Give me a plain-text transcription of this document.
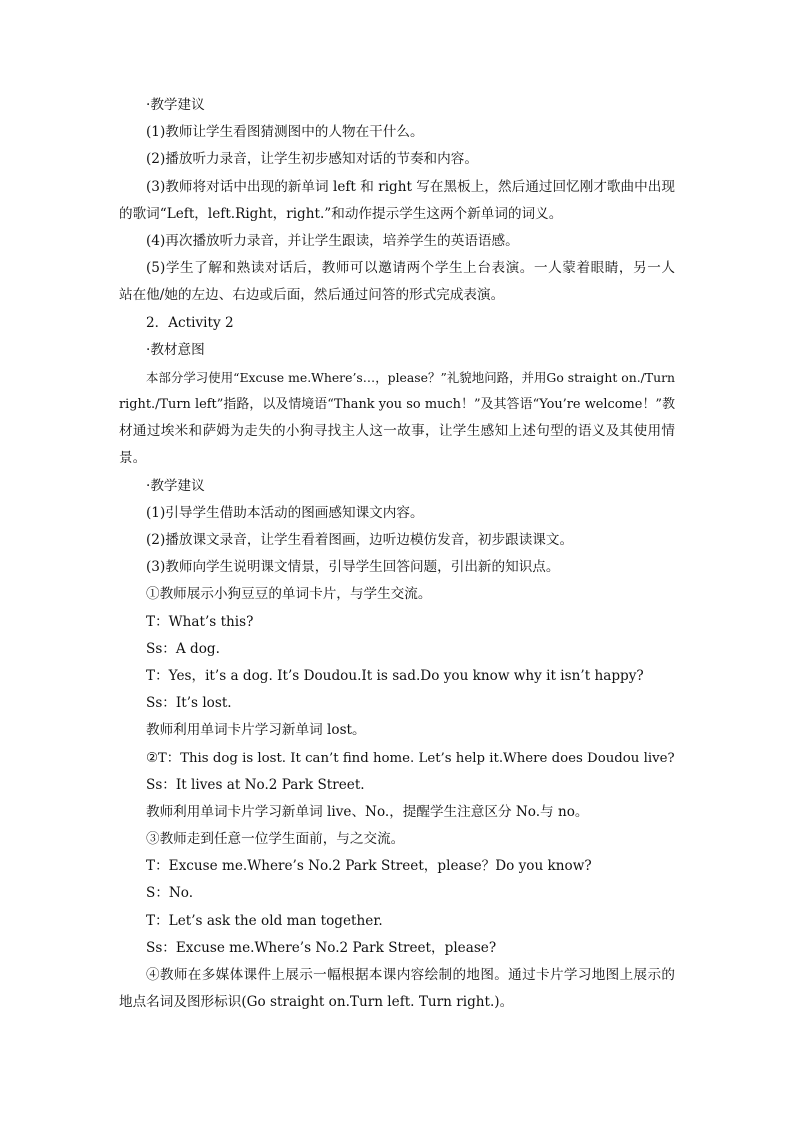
·教学建议

(1)教师让学生看图猜测图中的人物在干什么。

(2)播放听力录音，让学生初步感知对话的节奏和内容。

(3)教师将对话中出现的新单词 left 和 right 写在黑板上，然后通过回忆刚才歌曲中出现

的歌词“Left，left.Right，right.”和动作提示学生这两个新单词的词义。

(4)再次播放听力录音，并让学生跟读，培养学生的英语语感。

(5)学生了解和熟读对话后，教师可以邀请两个学生上台表演。一人蒙着眼睛，另一人

站在他/她的左边、右边或后面，然后通过问答的形式完成表演。

2．Activity 2

·教材意图

本部分学习使用“Excuse me.Where’s…，please？”礼貌地问路，并用Go straight on./Turn

right./Turn left”指路，以及情境语“Thank you so much！”及其答语“You’re welcome！”教

材通过埃米和萨姆为走失的小狗寻找主人这一故事，让学生感知上述句型的语义及其使用情

景。

·教学建议

(1)引导学生借助本活动的图画感知课文内容。

(2)播放课文录音，让学生看着图画，边听边模仿发音，初步跟读课文。

(3)教师向学生说明课文情景，引导学生回答问题，引出新的知识点。

①教师展示小狗豆豆的单词卡片，与学生交流。

T：What’s this?

Ss：A dog.

T：Yes，it’s a dog. It’s Doudou.It is sad.Do you know why it isn’t happy?

Ss：It’s lost.

教师利用单词卡片学习新单词 lost。

②T：This dog is lost. It can’t find home. Let’s help it.Where does Doudou live?

Ss：It lives at No.2 Park Street.

教师利用单词卡片学习新单词 live、No.，提醒学生注意区分 No.与 no。

③教师走到任意一位学生面前，与之交流。

T：Excuse me.Where’s No.2 Park Street，please？Do you know?

S：No.

T：Let’s ask the old man together.

Ss：Excuse me.Where’s No.2 Park Street，please?

④教师在多媒体课件上展示一幅根据本课内容绘制的地图。通过卡片学习地图上展示的

地点名词及图形标识(Go straight on.Turn left. Turn right.)。
